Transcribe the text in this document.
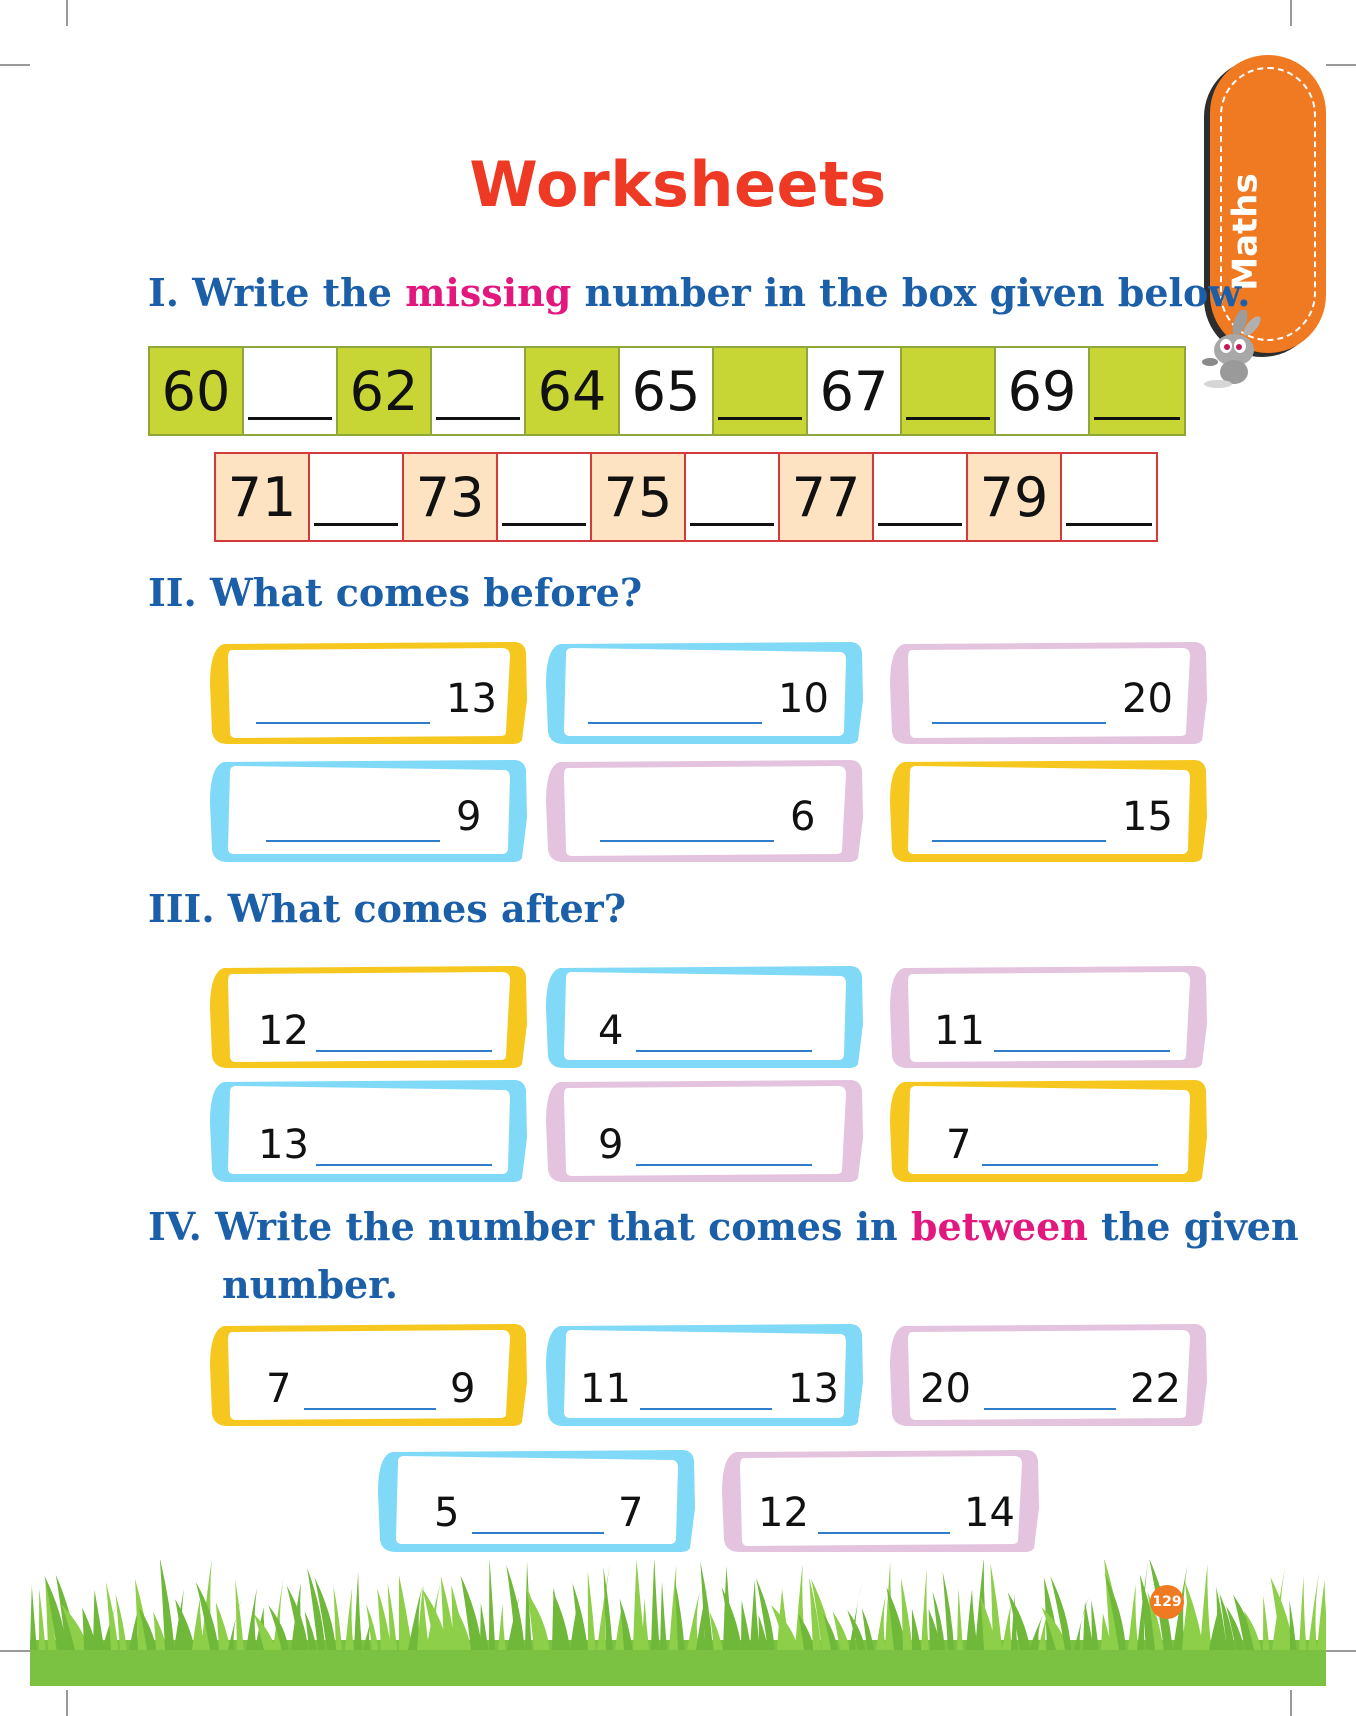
Maths
Worksheets
I. Write the missing number in the box given below.
60 62 64 65 67 69
71 73 75 77 79
II. What comes before?
13	10	20
9	6	15
III. What comes after?
12	4	11
13	9	7
IV. Write the number that comes in between the given
number.
7	9	11	13 20	22
5	7	12	14
129
